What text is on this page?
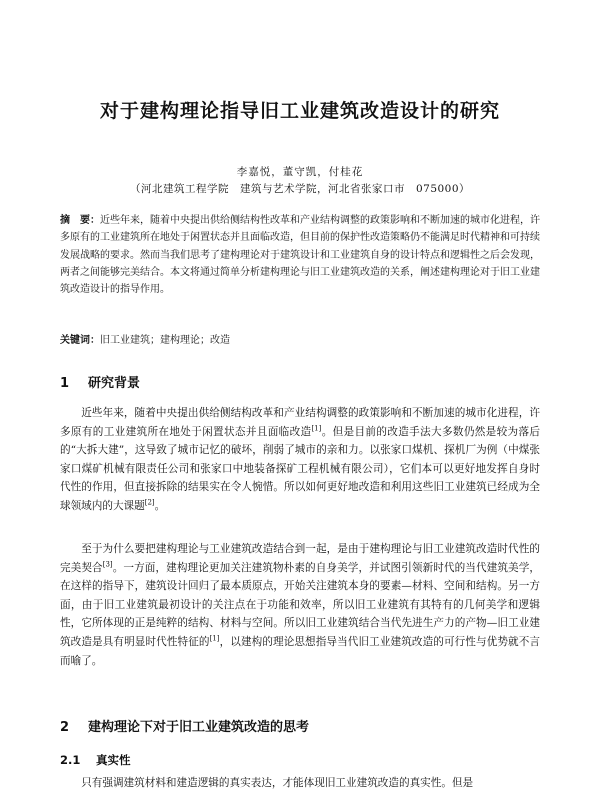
对于建构理论指导旧工业建筑改造设计的研究
李嘉悦，董守凯，付桂花
（河北建筑工程学院　建筑与艺术学院，河北省张家口市　075000）
摘　要：近些年来，随着中央提出供给侧结构性改革和产业结构调整的政策影响和不断加速的城市化进程，许多原有的工业建筑所在地处于闲置状态并且面临改造，但目前的保护性改造策略仍不能满足时代精神和可持续发展战略的要求。然而当我们思考了建构理论对于建筑设计和工业建筑自身的设计特点和逻辑性之后会发现，两者之间能够完美结合。本文将通过简单分析建构理论与旧工业建筑改造的关系，阐述建构理论对于旧工业建筑改造设计的指导作用。
关键词：旧工业建筑；建构理论；改造
1 研究背景
近些年来，随着中央提出供给侧结构改革和产业结构调整的政策影响和不断加速的城市化进程，许多原有的工业建筑所在地处于闲置状态并且面临改造[1]。但是目前的改造手法大多数仍然是较为落后的“大拆大建”，这导致了城市记忆的破坏，削弱了城市的亲和力。以张家口煤机、探机厂为例（中煤张家口煤矿机械有限责任公司和张家口中地装备探矿工程机械有限公司），它们本可以更好地发挥自身时代性的作用，但直接拆除的结果实在令人惋惜。所以如何更好地改造和利用这些旧工业建筑已经成为全球领域内的大课题[2]。
至于为什么要把建构理论与工业建筑改造结合到一起，是由于建构理论与旧工业建筑改造时代性的完美契合[3]。一方面，建构理论更加关注建筑物朴素的自身美学，并试图引领新时代的当代建筑美学，在这样的指导下，建筑设计回归了最本质原点，开始关注建筑本身的要素—材料、空间和结构。另一方面，由于旧工业建筑最初设计的关注点在于功能和效率，所以旧工业建筑有其特有的几何美学和逻辑性，它所体现的正是纯粹的结构、材料与空间。所以旧工业建筑结合当代先进生产力的产物—旧工业建筑改造是具有明显时代性特征的[1]，以建构的理论思想指导当代旧工业建筑改造的可行性与优势就不言而喻了。
2 建构理论下对于旧工业建筑改造的思考
2.1 真实性
只有强调建筑材料和建造逻辑的真实表达，才能体现旧工业建筑改造的真实性。但是
